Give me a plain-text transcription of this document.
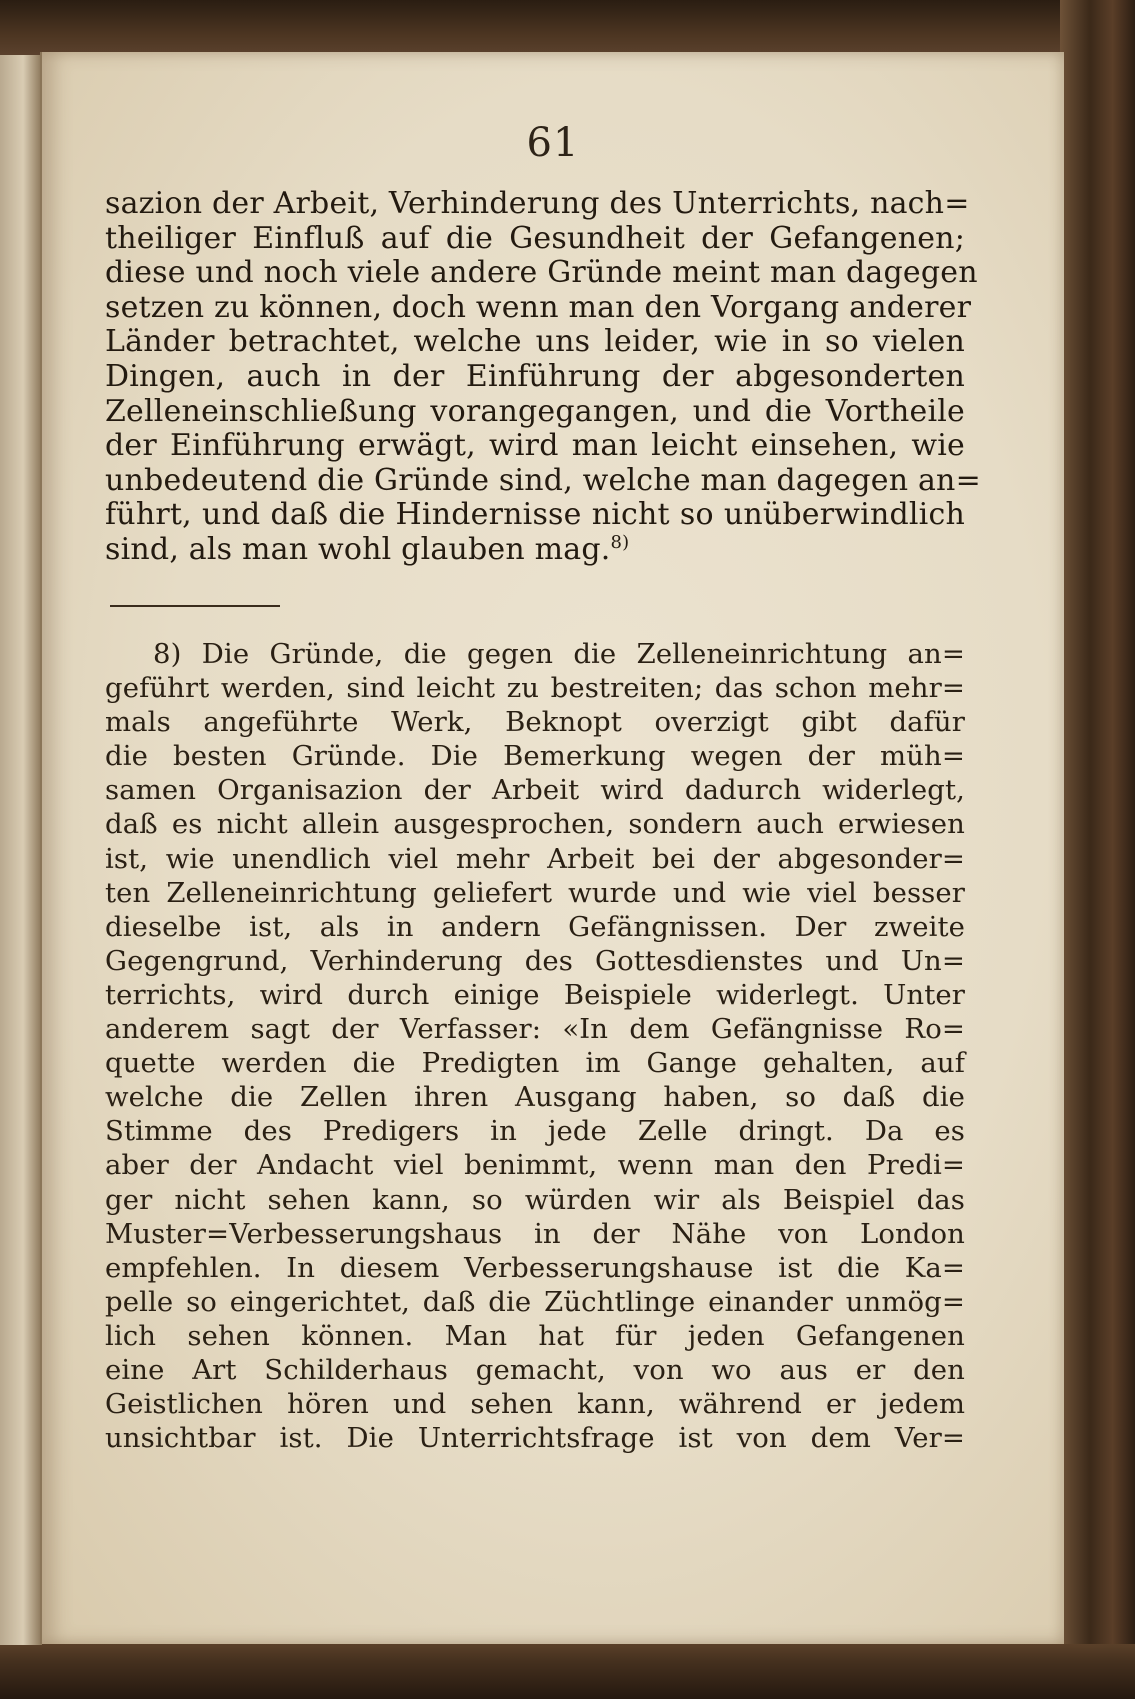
61
sazion der Arbeit, Verhinderung des Unterrichts, nach=
theiliger Einfluß auf die Gesundheit der Gefangenen;
diese und noch viele andere Gründe meint man dagegen
setzen zu können, doch wenn man den Vorgang anderer
Länder betrachtet, welche uns leider, wie in so vielen
Dingen, auch in der Einführung der abgesonderten
Zelleneinschließung vorangegangen, und die Vortheile
der Einführung erwägt, wird man leicht einsehen, wie
unbedeutend die Gründe sind, welche man dagegen an=
führt, und daß die Hindernisse nicht so unüberwindlich
sind, als man wohl glauben mag.$^{8)}$
8) Die Gründe, die gegen die Zelleneinrichtung an=
geführt werden, sind leicht zu bestreiten; das schon mehr=
mals angeführte Werk, Beknopt overzigt gibt dafür
die besten Gründe. Die Bemerkung wegen der müh=
samen Organisazion der Arbeit wird dadurch widerlegt,
daß es nicht allein ausgesprochen, sondern auch erwiesen
ist, wie unendlich viel mehr Arbeit bei der abgesonder=
ten Zelleneinrichtung geliefert wurde und wie viel besser
dieselbe ist, als in andern Gefängnissen. Der zweite
Gegengrund, Verhinderung des Gottesdienstes und Un=
terrichts, wird durch einige Beispiele widerlegt. Unter
anderem sagt der Verfasser: «In dem Gefängnisse Ro=
quette werden die Predigten im Gange gehalten, auf
welche die Zellen ihren Ausgang haben, so daß die
Stimme des Predigers in jede Zelle dringt. Da es
aber der Andacht viel benimmt, wenn man den Predi=
ger nicht sehen kann, so würden wir als Beispiel das
Muster=Verbesserungshaus in der Nähe von London
empfehlen. In diesem Verbesserungshause ist die Ka=
pelle so eingerichtet, daß die Züchtlinge einander unmög=
lich sehen können. Man hat für jeden Gefangenen
eine Art Schilderhaus gemacht, von wo aus er den
Geistlichen hören und sehen kann, während er jedem
unsichtbar ist. Die Unterrichtsfrage ist von dem Ver=
